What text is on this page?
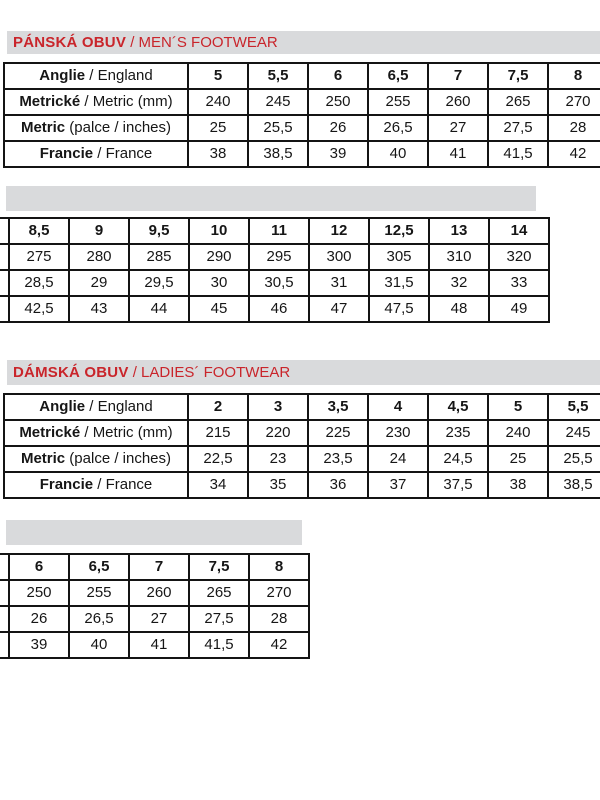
PÁNSKÁ OBUV / MEN´S FOOTWEAR
Anglie / England	5	5,5	6	6,5	7	7,5	8	
Metrické / Metric (mm)	240	245	250	255	260	265	270	
Metric (palce / inches)	25	25,5	26	26,5	27	27,5	28	
Francie / France	38	38,5	39	40	41	41,5	42	
	8,5	9	9,5	10	11	12	12,5	13	14
	275	280	285	290	295	300	305	310	320
	28,5	29	29,5	30	30,5	31	31,5	32	33
	42,5	43	44	45	46	47	47,5	48	49
DÁMSKÁ OBUV / LADIES´ FOOTWEAR
Anglie / England	2	3	3,5	4	4,5	5	5,5	
Metrické / Metric (mm)	215	220	225	230	235	240	245	
Metric (palce / inches)	22,5	23	23,5	24	24,5	25	25,5	
Francie / France	34	35	36	37	37,5	38	38,5	
	6	6,5	7	7,5	8
	250	255	260	265	270
	26	26,5	27	27,5	28
	39	40	41	41,5	42
